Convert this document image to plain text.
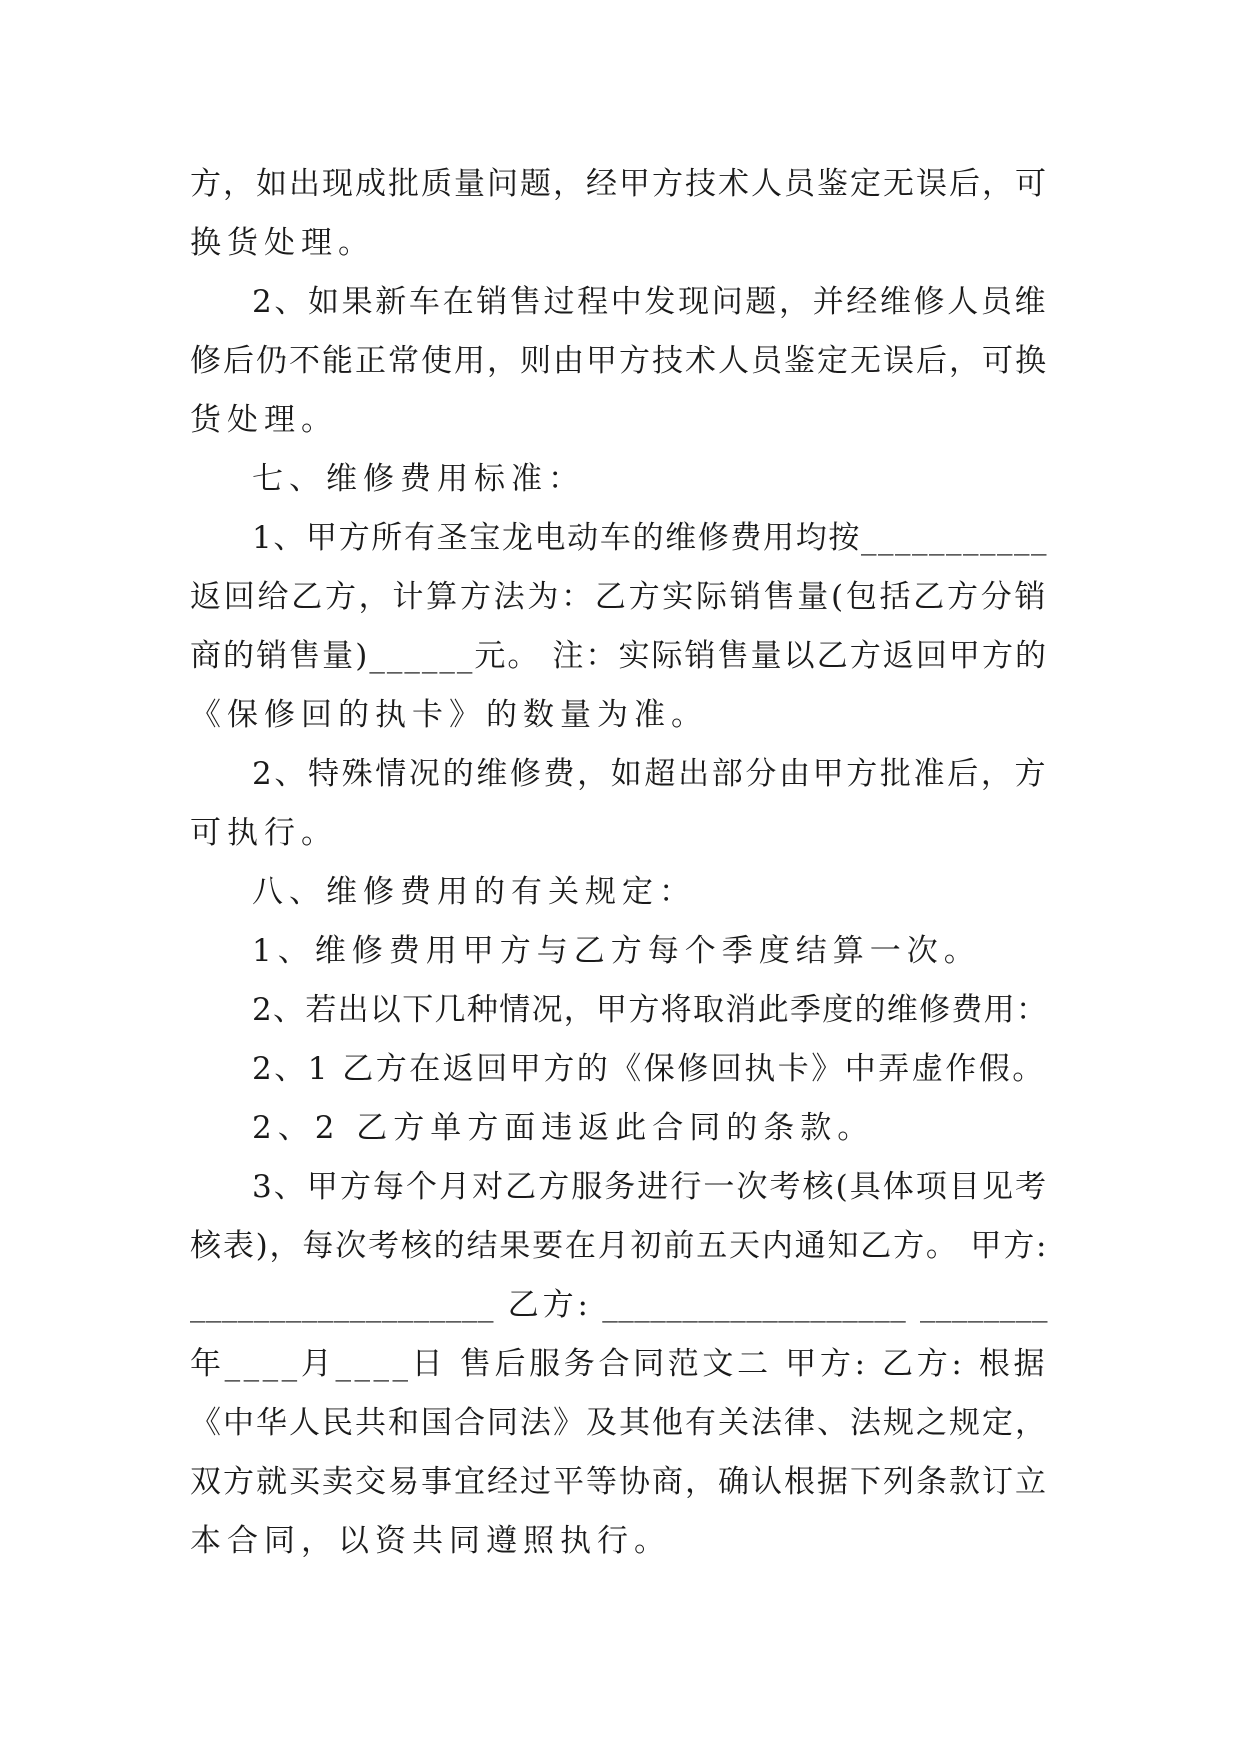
方，如出现成批质量问题，经甲方技术人员鉴定无误后，可
换货处理。
2、如果新车在销售过程中发现问题，并经维修人员维
修后仍不能正常使用，则由甲方技术人员鉴定无误后，可换
货处理。
七、维修费用标准：
1、甲方所有圣宝龙电动车的维修费用均按___________
返回给乙方，计算方法为：乙方实际销售量(包括乙方分销
商的销售量)______元。 注：实际销售量以乙方返回甲方的
《保修回的执卡》的数量为准。
2、特殊情况的维修费，如超出部分由甲方批准后，方
可执行。
八、维修费用的有关规定：
1、维修费用甲方与乙方每个季度结算一次。
2、若出以下几种情况，甲方将取消此季度的维修费用：
2、1 乙方在返回甲方的《保修回执卡》中弄虚作假。
2、2 乙方单方面违返此合同的条款。
3、甲方每个月对乙方服务进行一次考核(具体项目见考
核表)，每次考核的结果要在月初前五天内通知乙方。 甲方:
___________________ 乙方: ___________________ ________
年____月____日 售后服务合同范文二 甲方: 乙方: 根据
《中华人民共和国合同法》及其他有关法律、法规之规定，
双方就买卖交易事宜经过平等协商，确认根据下列条款订立
本合同，以资共同遵照执行。
